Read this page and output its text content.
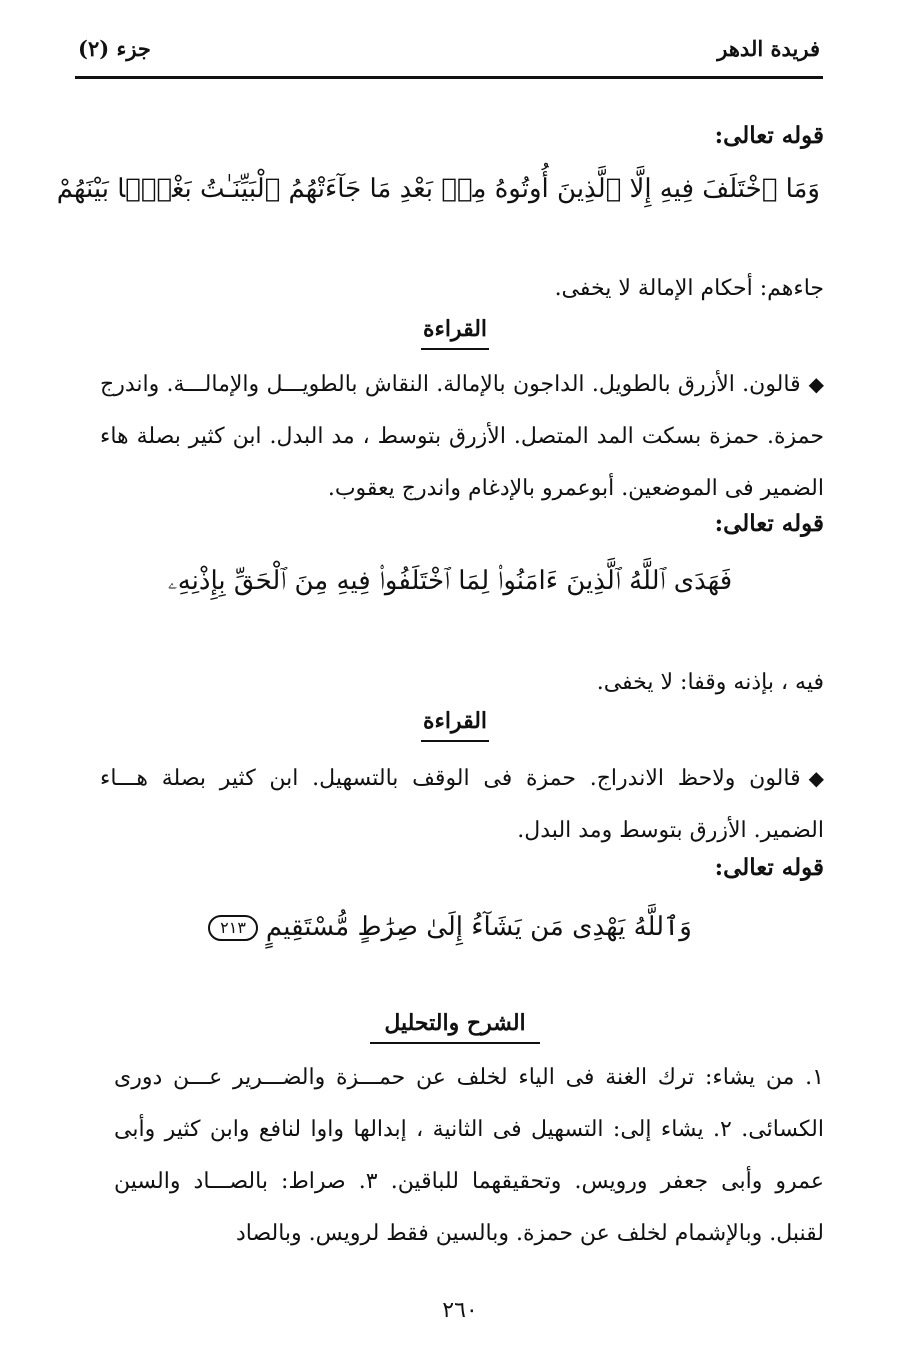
فريدة الدهر
جزء (٢)
قوله تعالى:
وَمَا ٱخْتَلَفَ فِيهِ إِلَّا ٱلَّذِينَ أُوتُوهُ مِنۢ بَعْدِ مَا جَآءَتْهُمُ ٱلْبَيِّنَـٰتُ بَغْيًۢا بَيْنَهُمْ
جاءهم: أحكام الإمالة لا يخفى.
القراءة
◆قالون. الأزرق بالطويل. الداجون بالإمالة. النقاش بالطويـــل والإمالـــة. واندرج حمزة. حمزة بسكت المد المتصل. الأزرق بتوسط ، مد البدل. ابن كثير بصلة هاء الضمير فى الموضعين. أبوعمرو بالإدغام واندرج يعقوب.
قوله تعالى:
فَهَدَى ٱللَّهُ ٱلَّذِينَ ءَامَنُوا۟ لِمَا ٱخْتَلَفُوا۟ فِيهِ مِنَ ٱلْحَقِّ بِإِذْنِهِۦ
فيه ، بإذنه وقفا: لا يخفى.
القراءة
◆قالون ولاحظ الاندراج. حمزة فى الوقف بالتسهيل. ابن كثير بصلة هـــاء الضمير. الأزرق بتوسط ومد البدل.
قوله تعالى:
وَٱللَّهُ يَهْدِى مَن يَشَآءُ إِلَىٰ صِرَٰطٍ مُّسْتَقِيمٍ٢١٣
الشرح والتحليل
١. من يشاء: ترك الغنة فى الياء لخلف عن حمـــزة والضـــرير عـــن دورى الكسائى. ٢. يشاء إلى: التسهيل فى الثانية ، إبدالها واوا لنافع وابن كثير وأبى عمرو وأبى جعفر ورويس. وتحقيقهما للباقين. ٣. صراط: بالصـــاد والسين لقنبل. وبالإشمام لخلف عن حمزة. وبالسين فقط لرويس. وبالصاد
٢٦٠
